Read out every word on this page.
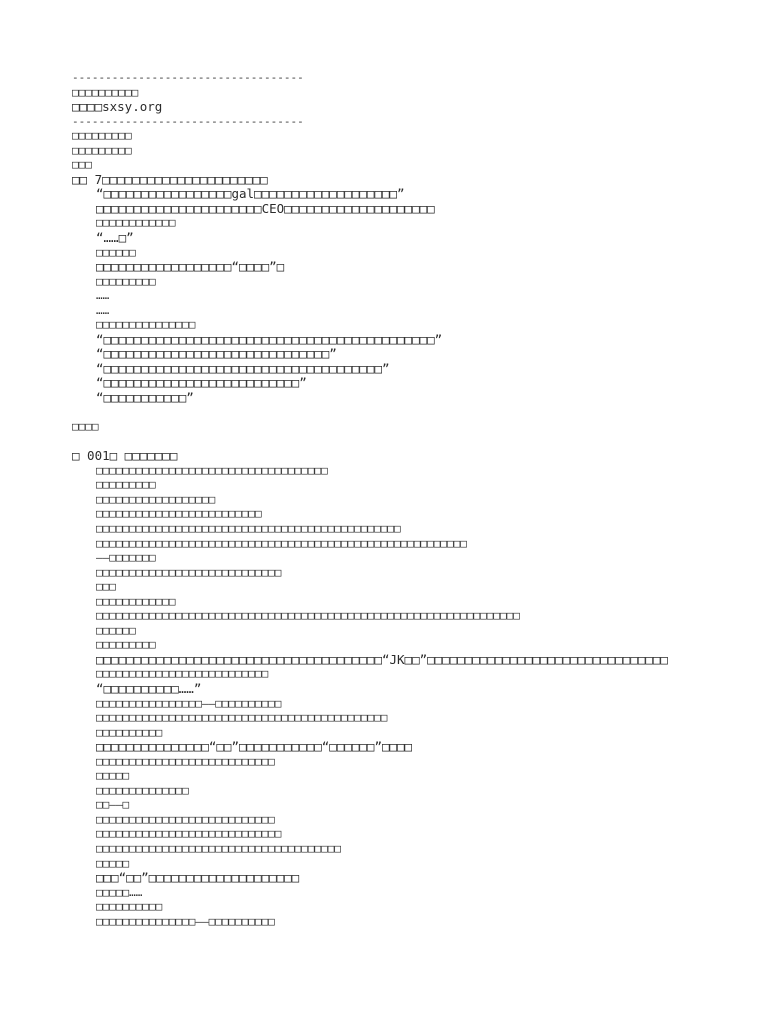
-----------------------------------
□□□□□□□□□□
□□□□sxsy.org
-----------------------------------
□□□□□□□□□
□□□□□□□□□
□□□
□□ 7□□□□□□□□□□□□□□□□□□□□□□
“□□□□□□□□□□□□□□□□□gal□□□□□□□□□□□□□□□□□□□”
□□□□□□□□□□□□□□□□□□□□□□CEO□□□□□□□□□□□□□□□□□□□□
□□□□□□□□□□□□
“……□”
□□□□□□
□□□□□□□□□□□□□□□□□□“□□□□”□
□□□□□□□□□
……
……
□□□□□□□□□□□□□□□
“□□□□□□□□□□□□□□□□□□□□□□□□□□□□□□□□□□□□□□□□□□□□”
“□□□□□□□□□□□□□□□□□□□□□□□□□□□□□□”
“□□□□□□□□□□□□□□□□□□□□□□□□□□□□□□□□□□□□□”
“□□□□□□□□□□□□□□□□□□□□□□□□□□”
“□□□□□□□□□□□”
□□□□
□ 001□ □□□□□□□
□□□□□□□□□□□□□□□□□□□□□□□□□□□□□□□□□□□
□□□□□□□□□
□□□□□□□□□□□□□□□□□□
□□□□□□□□□□□□□□□□□□□□□□□□□
□□□□□□□□□□□□□□□□□□□□□□□□□□□□□□□□□□□□□□□□□□□□□□
□□□□□□□□□□□□□□□□□□□□□□□□□□□□□□□□□□□□□□□□□□□□□□□□□□□□□□□□
——□□□□□□□
□□□□□□□□□□□□□□□□□□□□□□□□□□□□
□□□
□□□□□□□□□□□□
□□□□□□□□□□□□□□□□□□□□□□□□□□□□□□□□□□□□□□□□□□□□□□□□□□□□□□□□□□□□□□□□
□□□□□□
□□□□□□□□□
□□□□□□□□□□□□□□□□□□□□□□□□□□□□□□□□□□□□□□“JK□□”□□□□□□□□□□□□□□□□□□□□□□□□□□□□□□□□
□□□□□□□□□□□□□□□□□□□□□□□□□□
“□□□□□□□□□□……”
□□□□□□□□□□□□□□□□——□□□□□□□□□□
□□□□□□□□□□□□□□□□□□□□□□□□□□□□□□□□□□□□□□□□□□□□
□□□□□□□□□□
□□□□□□□□□□□□□□□“□□”□□□□□□□□□□□“□□□□□□”□□□□
□□□□□□□□□□□□□□□□□□□□□□□□□□□
□□□□□
□□□□□□□□□□□□□□
□□——□
□□□□□□□□□□□□□□□□□□□□□□□□□□□
□□□□□□□□□□□□□□□□□□□□□□□□□□□□
□□□□□□□□□□□□□□□□□□□□□□□□□□□□□□□□□□□□□
□□□□□
□□□“□□”□□□□□□□□□□□□□□□□□□□□
□□□□□……
□□□□□□□□□□
□□□□□□□□□□□□□□□——□□□□□□□□□□
